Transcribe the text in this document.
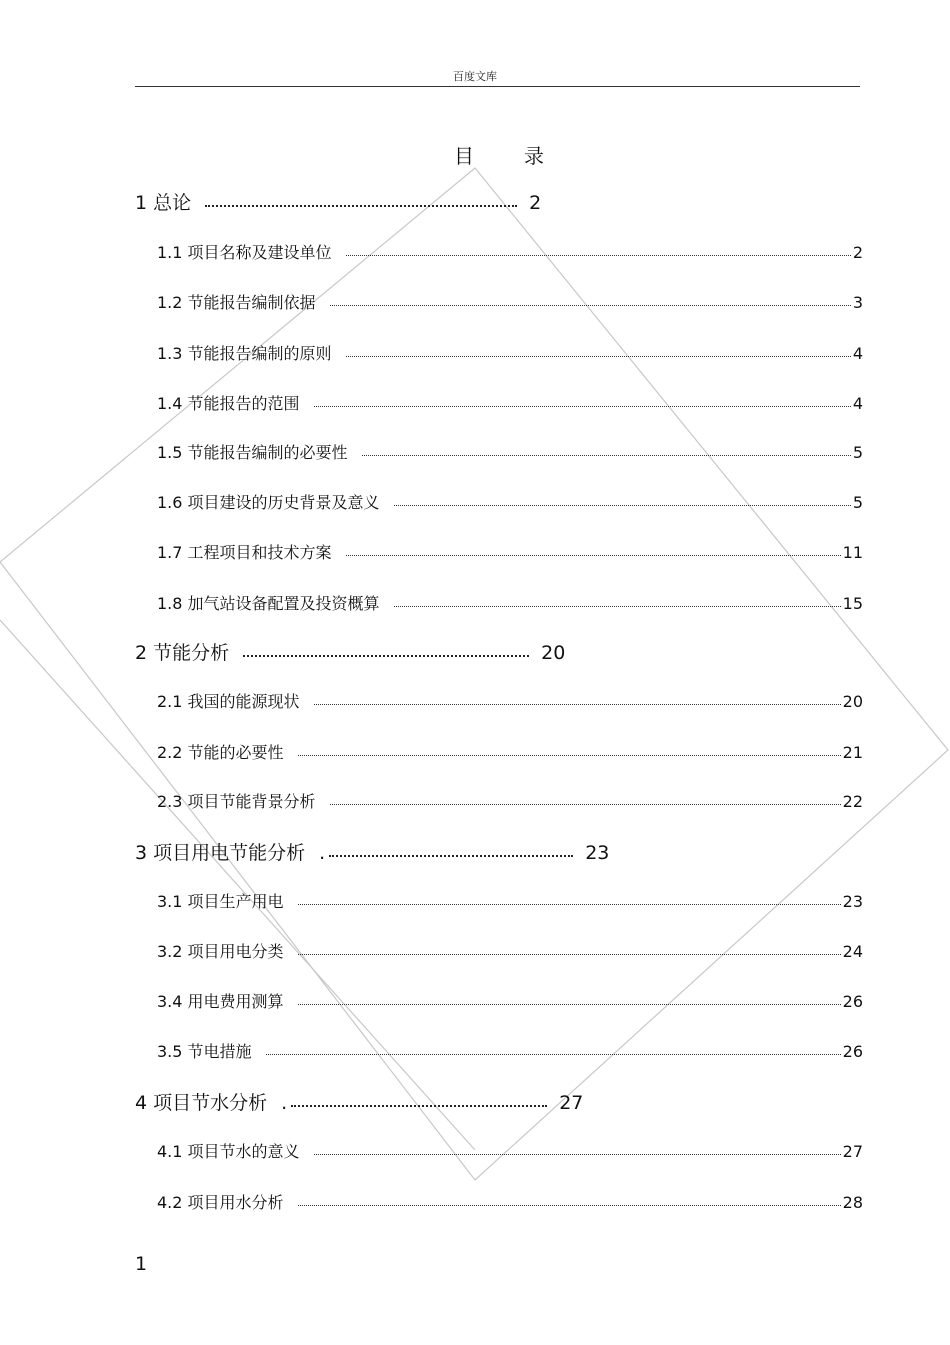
百度文库
目 录
1 总论	2
1.1 项目名称及建设单位	2
1.2 节能报告编制依据	3
1.3 节能报告编制的原则	4
1.4 节能报告的范围	4
1.5 节能报告编制的必要性	5
1.6 项目建设的历史背景及意义	5
1.7 工程项目和技术方案	11
1.8 加气站设备配置及投资概算	15
2 节能分析	20
2.1 我国的能源现状	20
2.2 节能的必要性	21
2.3 项目节能背景分析	22
3 项目用电节能分析 .	23
3.1 项目生产用电	23
3.2 项目用电分类	24
3.4 用电费用测算	26
3.5 节电措施	26
4 项目节水分析 .	27
4.1 项目节水的意义	27
4.2 项目用水分析	28
1
